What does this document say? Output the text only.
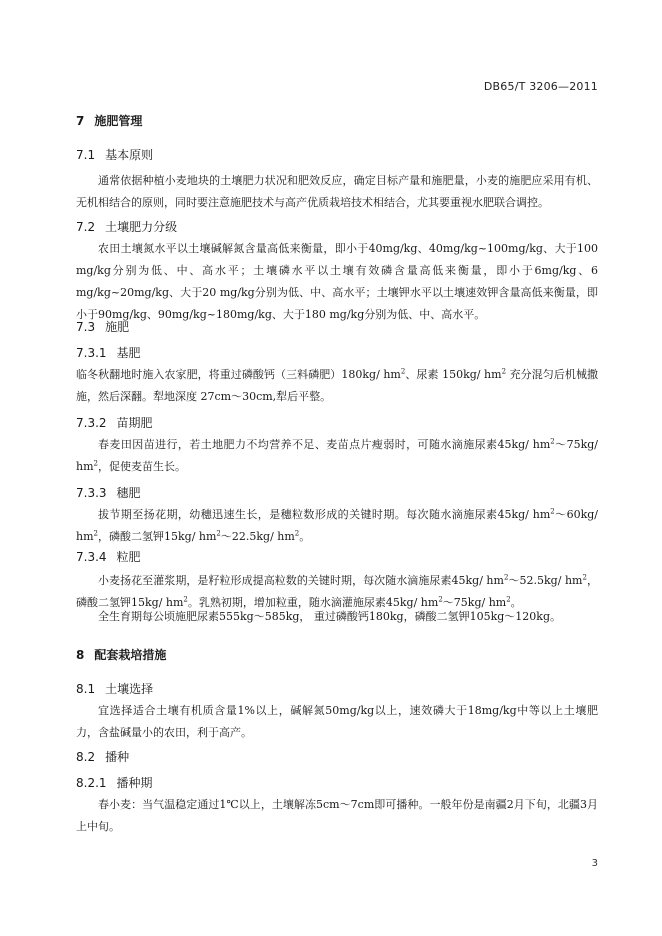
DB65/T 3206—2011
7 施肥管理
7.1 基本原则
通常依据种植小麦地块的土壤肥力状况和肥效反应，确定目标产量和施肥量，小麦的施肥应采用有机、无机相结合的原则，同时要注意施肥技术与高产优质栽培技术相结合，尤其要重视水肥联合调控。
7.2 土壤肥力分级
农田土壤氮水平以土壤碱解氮含量高低来衡量，即小于40mg/kg、40mg/kg~100mg/kg、大于100 mg/kg分别为低、中、高水平；土壤磷水平以土壤有效磷含量高低来衡量，即小于6mg/kg、6 mg/kg~20mg/kg、大于20 mg/kg分别为低、中、高水平；土壤钾水平以土壤速效钾含量高低来衡量，即小于90mg/kg、90mg/kg~180mg/kg、大于180 mg/kg分别为低、中、高水平。
7.3 施肥
7.3.1 基肥
临冬秋翻地时施入农家肥，将重过磷酸钙（三料磷肥）180kg/ $hm^2$、尿素 150kg/ $hm^2$ 充分混匀后机械撒施，然后深翻。犁地深度 27cm～30cm,犁后平整。
7.3.2 苗期肥
春麦田因苗进行，若土地肥力不均营养不足、麦苗点片瘦弱时，可随水滴施尿素45kg/ $hm^2\sim 75kg/$ $hm^2$，促使麦苗生长。
7.3.3 穗肥
拔节期至扬花期，幼穗迅速生长，是穗粒数形成的关键时期。每次随水滴施尿素45kg/ $hm^2\sim 60kg/$ $hm^2$，磷酸二氢钾15kg/ $hm^2\sim 22.5kg/$ $hm^2$。
7.3.4 粒肥
小麦扬花至灌浆期，是籽粒形成提高粒数的关键时期，每次随水滴施尿素45kg/ $hm^2\sim 52.5kg/$ $hm^2$，磷酸二氢钾15kg/ $hm^2$。乳熟初期，增加粒重，随水滴灌施尿素45kg/ $hm^2\sim 75kg/$ $hm^2$。
全生育期每公顷施肥尿素555kg～585kg， 重过磷酸钙180kg，磷酸二氢钾105kg～120kg。
8 配套栽培措施
8.1 土壤选择
宜选择适合土壤有机质含量1%以上，碱解氮50mg/kg以上，速效磷大于18mg/kg中等以上土壤肥力，含盐碱量小的农田，利于高产。
8.2 播种
8.2.1 播种期
春小麦：当气温稳定通过1℃以上，土壤解冻5cm～7cm即可播种。一般年份是南疆2月下旬，北疆3月上中旬。
3
